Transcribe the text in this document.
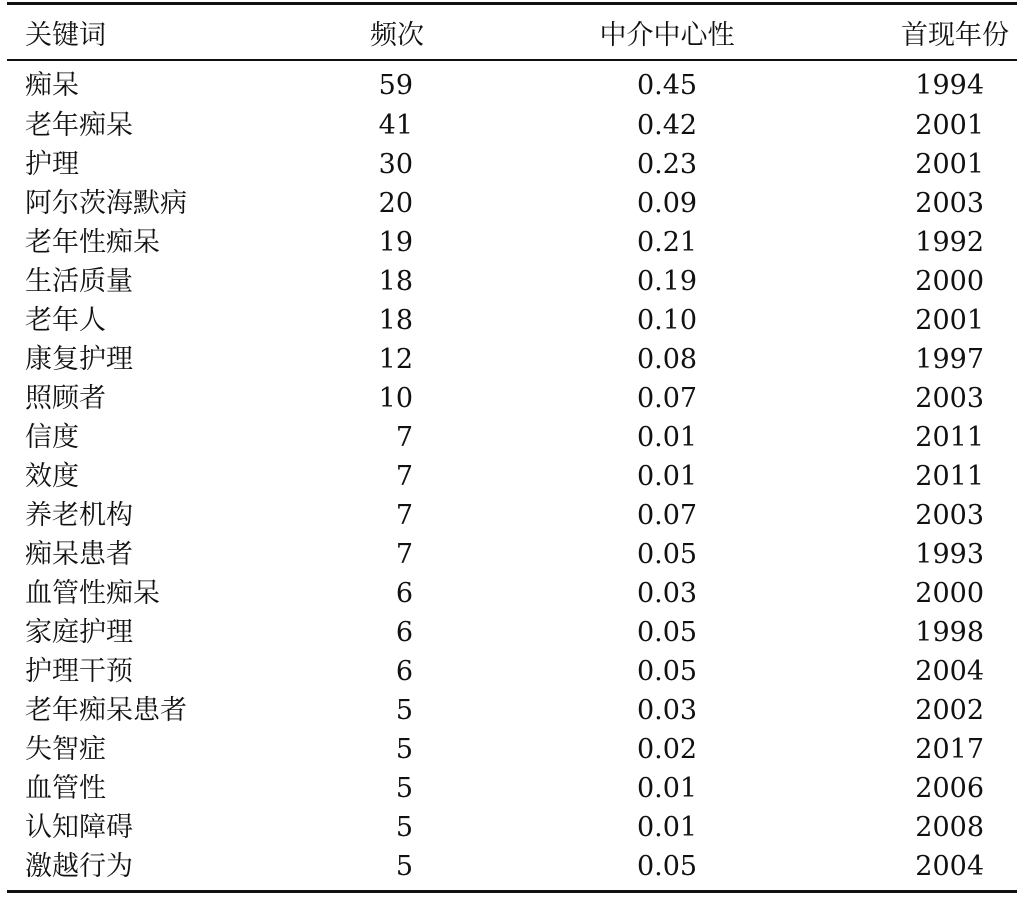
关键词	频次	中介中心性	首现年份
痴呆	59	0.45	1994
老年痴呆	41	0.42	2001
护理	30	0.23	2001
阿尔茨海默病	20	0.09	2003
老年性痴呆	19	0.21	1992
生活质量	18	0.19	2000
老年人	18	0.10	2001
康复护理	12	0.08	1997
照顾者	10	0.07	2003
信度	7	0.01	2011
效度	7	0.01	2011
养老机构	7	0.07	2003
痴呆患者	7	0.05	1993
血管性痴呆	6	0.03	2000
家庭护理	6	0.05	1998
护理干预	6	0.05	2004
老年痴呆患者	5	0.03	2002
失智症	5	0.02	2017
血管性	5	0.01	2006
认知障碍	5	0.01	2008
激越行为	5	0.05	2004
